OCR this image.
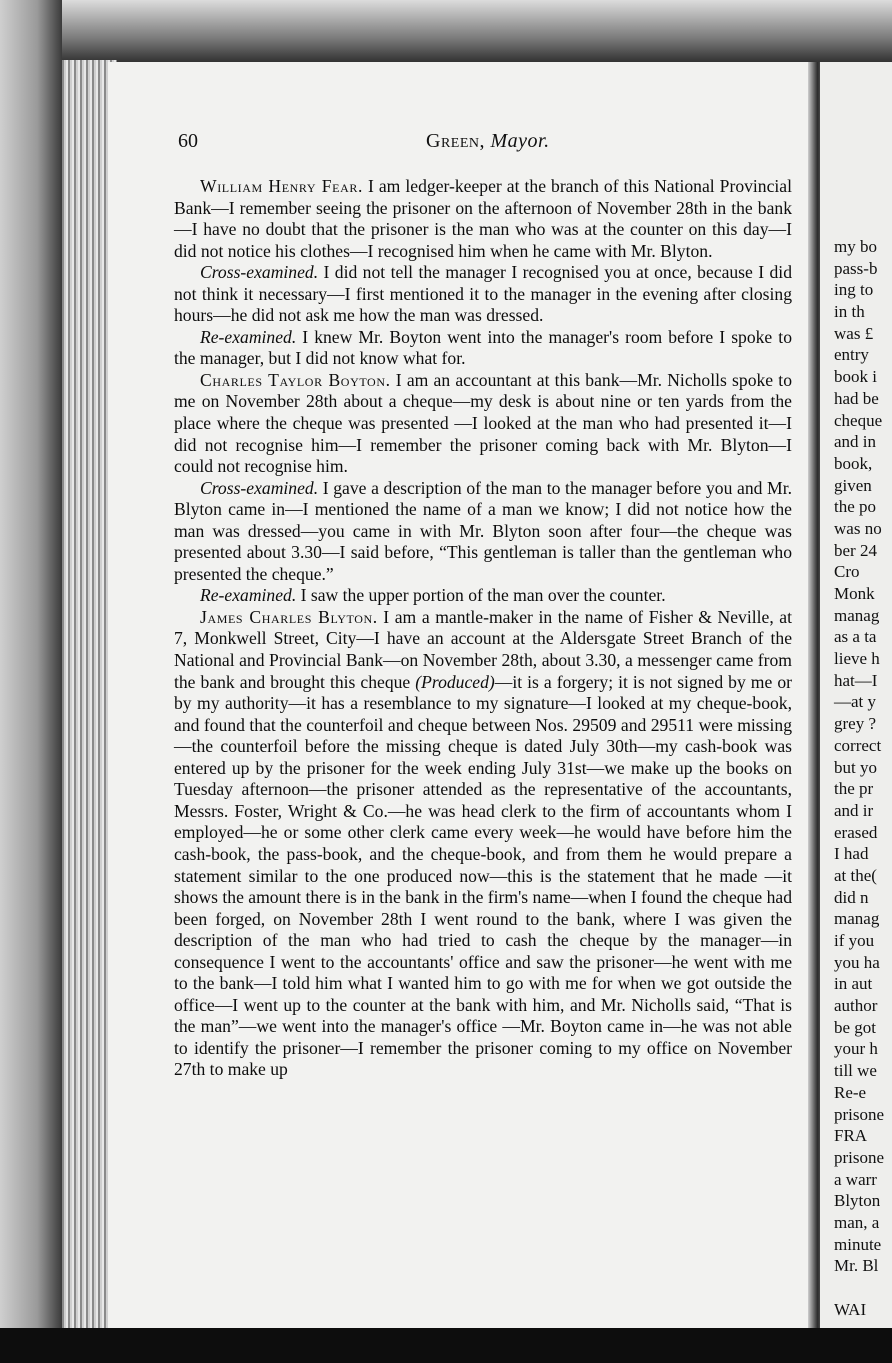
my bo
pass-b
ing to
in th
was £
entry
book i
had be
cheque
and in
book,
given
the po
was no
ber 24
Cro
Monk
manag
as a ta
lieve h
hat—I
—at y
grey ?
correct
but yo
the pr
and ir
erased
I had
at the(
did n
manag
if you
you ha
in aut
author
be got
your h
till we
Re-e
prisone
FRA
prisone
a warr
Blyton
man, a
minute
Mr. Bl
WAI
60	Green, Mayor.

William Henry Fear. I am ledger-keeper at the branch of this National Provincial Bank—I remember seeing the prisoner on the afternoon of November 28th in the bank—I have no doubt that the prisoner is the man who was at the counter on this day—I did not notice his clothes—I recognised him when he came with Mr. Blyton.

Cross-examined. I did not tell the manager I recognised you at once, because I did not think it necessary—I first mentioned it to the manager in the evening after closing hours—he did not ask me how the man was dressed.

Re-examined. I knew Mr. Boyton went into the manager's room before I spoke to the manager, but I did not know what for.

Charles Taylor Boyton. I am an accountant at this bank—Mr. Nicholls spoke to me on November 28th about a cheque—my desk is about nine or ten yards from the place where the cheque was presented —I looked at the man who had presented it—I did not recognise him—I remember the prisoner coming back with Mr. Blyton—I could not recognise him.

Cross-examined. I gave a description of the man to the manager before you and Mr. Blyton came in—I mentioned the name of a man we know; I did not notice how the man was dressed—you came in with Mr. Blyton soon after four—the cheque was presented about 3.30—I said before, “This gentleman is taller than the gentleman who presented the cheque.”

Re-examined. I saw the upper portion of the man over the counter.

James Charles Blyton. I am a mantle-maker in the name of Fisher & Neville, at 7, Monkwell Street, City—I have an account at the Aldersgate Street Branch of the National and Provincial Bank—on November 28th, about 3.30, a messenger came from the bank and brought this cheque (Produced)—it is a forgery; it is not signed by me or by my authority—it has a resemblance to my signature—I looked at my cheque-book, and found that the counterfoil and cheque between Nos. 29509 and 29511 were missing—the counterfoil before the missing cheque is dated July 30th—my cash-book was entered up by the prisoner for the week ending July 31st—we make up the books on Tuesday afternoon—the prisoner attended as the representative of the accountants, Messrs. Foster, Wright & Co.—he was head clerk to the firm of accountants whom I employed—he or some other clerk came every week—he would have before him the cash-book, the pass-book, and the cheque-book, and from them he would prepare a statement similar to the one produced now—this is the statement that he made —it shows the amount there is in the bank in the firm's name—when I found the cheque had been forged, on November 28th I went round to the bank, where I was given the description of the man who had tried to cash the cheque by the manager—in consequence I went to the accountants' office and saw the prisoner—he went with me to the bank—I told him what I wanted him to go with me for when we got outside the office—I went up to the counter at the bank with him, and Mr. Nicholls said, “That is the man”—we went into the manager's office —Mr. Boyton came in—he was not able to identify the prisoner—I remember the prisoner coming to my office on November 27th to make up
